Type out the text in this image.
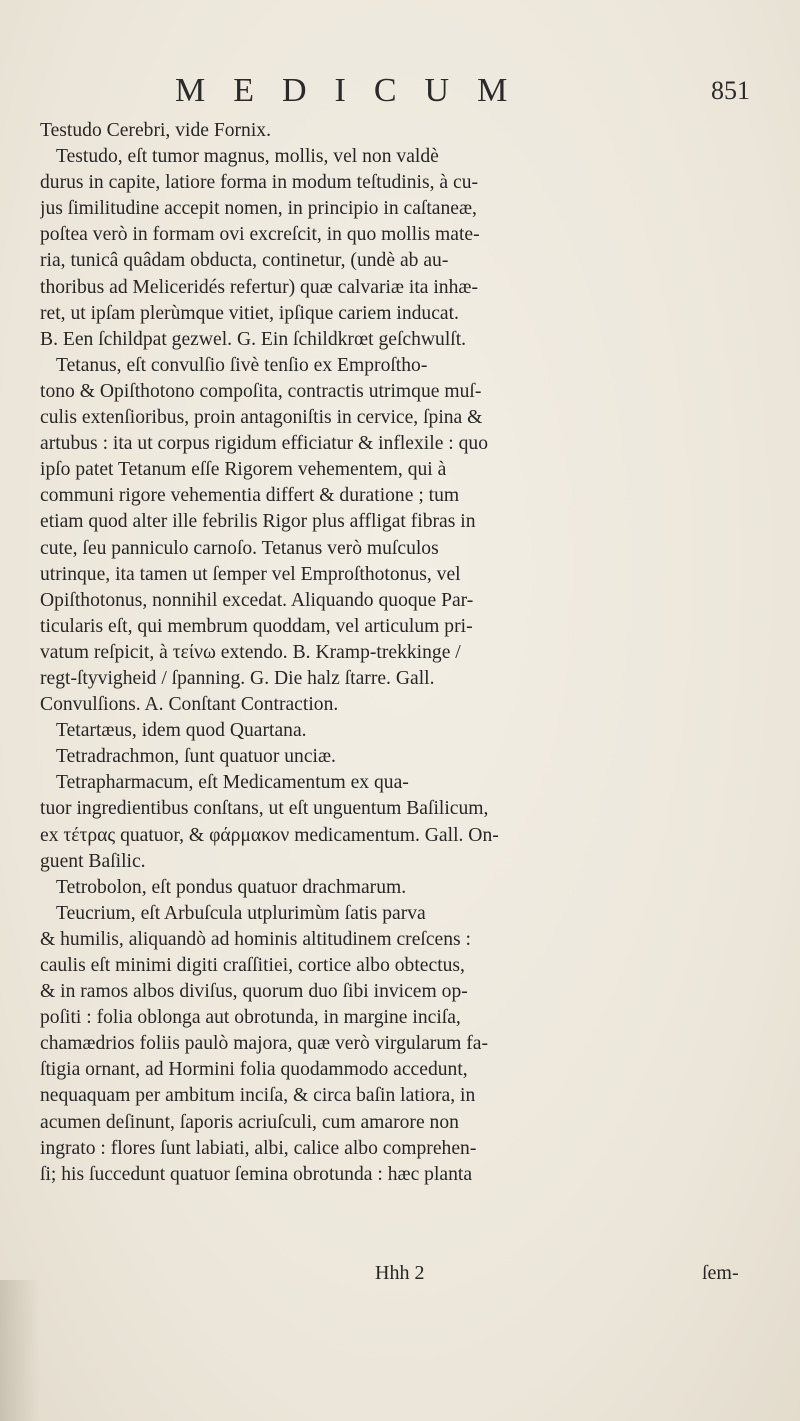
MEDICUM	851
Testudo Cerebri, vide Fornix.
Testudo, eſt tumor magnus, mollis, vel non valdè
durus in capite, latiore forma in modum teſtudinis, à cu-
jus ſimilitudine accepit nomen, in principio in caſtaneæ,
poſtea verò in formam ovi excreſcit, in quo mollis mate-
ria, tunicâ quâdam obducta, continetur, (undè ab au-
thoribus ad Meliceridés refertur) quæ calvariæ ita inhæ-
ret, ut ipſam plerùmque vitiet, ipſique cariem inducat.
B. Een ſchildpat gezwel. G. Ein ſchildkrœt geſchwulſt.
Tetanus, eſt convulſio ſivè tenſio ex Emproſtho-
tono & Opiſthotono compoſita, contractis utrimque muſ-
culis extenſioribus, proin antagoniſtis in cervice, ſpina &
artubus : ita ut corpus rigidum efficiatur & inflexile : quo
ipſo patet Tetanum eſſe Rigorem vehementem, qui à
communi rigore vehementia differt & duratione ; tum
etiam quod alter ille febrilis Rigor plus affligat fibras in
cute, ſeu panniculo carnoſo. Tetanus verò muſculos
utrinque, ita tamen ut ſemper vel Emproſthotonus, vel
Opiſthotonus, nonnihil excedat. Aliquando quoque Par-
ticularis eſt, qui membrum quoddam, vel articulum pri-
vatum reſpicit, à τείνω extendo. B. Kramp-trekkinge /
regt-ſtyvigheid / ſpanning. G. Die halz ſtarre. Gall.
Convulſions. A. Conſtant Contraction.
Tetartæus, idem quod Quartana.
Tetradrachmon, ſunt quatuor unciæ.
Tetrapharmacum, eſt Medicamentum ex qua-
tuor ingredientibus conſtans, ut eſt unguentum Baſilicum,
ex τέτρας quatuor, & φάρμακον medicamentum. Gall. On-
guent Baſilic.
Tetrobolon, eſt pondus quatuor drachmarum.
Teucrium, eſt Arbuſcula utplurimùm ſatis parva
& humilis, aliquandò ad hominis altitudinem creſcens :
caulis eſt minimi digiti craſſitiei, cortice albo obtectus,
& in ramos albos diviſus, quorum duo ſibi invicem op-
poſiti : folia oblonga aut obrotunda, in margine inciſa,
chamædrios foliis paulò majora, quæ verò virgularum fa-
ſtigia ornant, ad Hormini folia quodammodo accedunt,
nequaquam per ambitum inciſa, & circa baſin latiora, in
acumen deſinunt, ſaporis acriuſculi, cum amarore non
ingrato : flores ſunt labiati, albi, calice albo comprehen-
ſi; his ſuccedunt quatuor ſemina obrotunda : hæc planta
Hhh 2	ſem-
